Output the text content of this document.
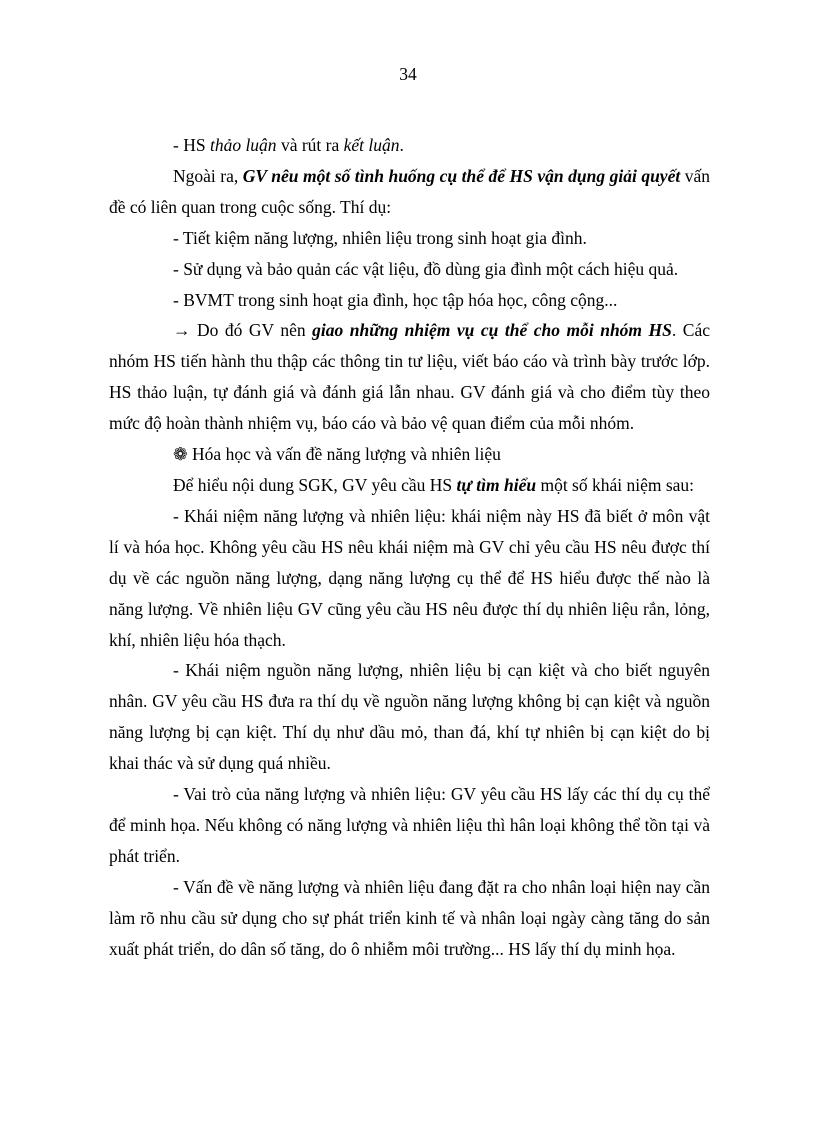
34

- HS thảo luận và rút ra kết luận.

Ngoài ra, GV nêu một số tình huống cụ thể để HS vận dụng giải quyết vấn đề có liên quan trong cuộc sống. Thí dụ:

- Tiết kiệm năng lượng, nhiên liệu trong sinh hoạt gia đình.

- Sử dụng và bảo quản các vật liệu, đồ dùng gia đình một cách hiệu quả.

- BVMT trong sinh hoạt gia đình, học tập hóa học, công cộng...

→ Do đó GV nên giao những nhiệm vụ cụ thể cho mỗi nhóm HS. Các nhóm HS tiến hành thu thập các thông tin tư liệu, viết báo cáo và trình bày trước lớp. HS thảo luận, tự đánh giá và đánh giá lẫn nhau. GV đánh giá và cho điểm tùy theo mức độ hoàn thành nhiệm vụ, báo cáo và bảo vệ quan điểm của mỗi nhóm.

❁ Hóa học và vấn đề năng lượng và nhiên liệu

Để hiểu nội dung SGK, GV yêu cầu HS tự tìm hiểu một số khái niệm sau:

- Khái niệm năng lượng và nhiên liệu: khái niệm này HS đã biết ở môn vật lí và hóa học. Không yêu cầu HS nêu khái niệm mà GV chỉ yêu cầu HS nêu được thí dụ về các nguồn năng lượng, dạng năng lượng cụ thể để HS hiểu được thế nào là năng lượng. Về nhiên liệu GV cũng yêu cầu HS nêu được thí dụ nhiên liệu rắn, lỏng, khí, nhiên liệu hóa thạch.

- Khái niệm nguồn năng lượng, nhiên liệu bị cạn kiệt và cho biết nguyên nhân. GV yêu cầu HS đưa ra thí dụ về nguồn năng lượng không bị cạn kiệt và nguồn năng lượng bị cạn kiệt. Thí dụ như dầu mỏ, than đá, khí tự nhiên bị cạn kiệt do bị khai thác và sử dụng quá nhiều.

- Vai trò của năng lượng và nhiên liệu: GV yêu cầu HS lấy các thí dụ cụ thể để minh họa. Nếu không có năng lượng và nhiên liệu thì hân loại không thể tồn tại và phát triển.

- Vấn đề về năng lượng và nhiên liệu đang đặt ra cho nhân loại hiện nay cần làm rõ nhu cầu sử dụng cho sự phát triển kinh tế và nhân loại ngày càng tăng do sản xuất phát triển, do dân số tăng, do ô nhiễm môi trường... HS lấy thí dụ minh họa.
